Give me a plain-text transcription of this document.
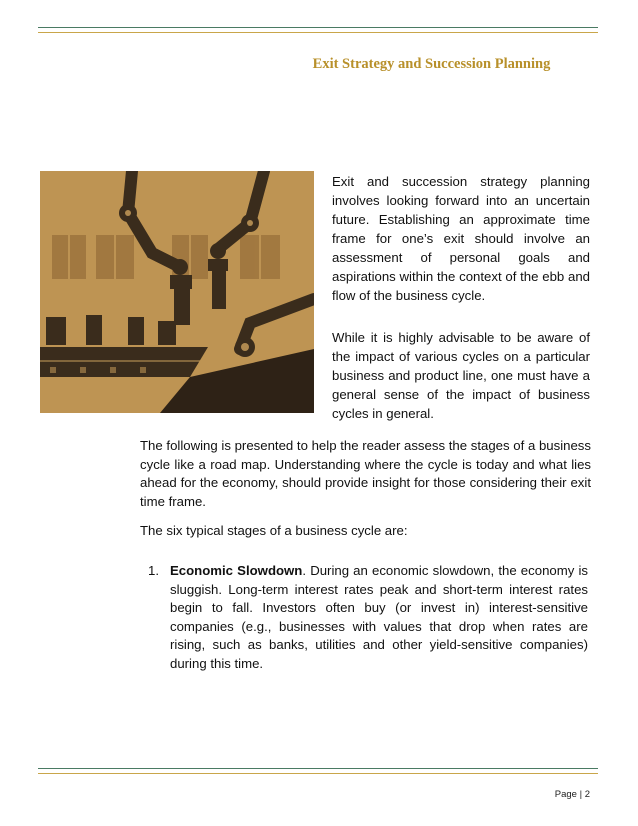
Exit Strategy and Succession Planning
Exit and succession strategy planning involves looking forward into an uncertain future. Establishing an approximate time frame for one’s exit should involve an assessment of personal goals and aspirations within the context of the ebb and flow of the business cycle.
While it is highly advisable to be aware of the impact of various cycles on a particular business and product line, one must have a general sense of the impact of business cycles in general.
The following is presented to help the reader assess the stages of a business cycle like a road map. Understanding where the cycle is today and what lies ahead for the economy, should provide insight for those considering their exit time frame.
The six typical stages of a business cycle are:
1. Economic Slowdown. During an economic slowdown, the economy is sluggish. Long-term interest rates peak and short-term interest rates begin to fall. Investors often buy (or invest in) interest-sensitive companies (e.g., businesses with values that drop when rates are rising, such as banks, utilities and other yield-sensitive companies) during this time.
Page | 2
